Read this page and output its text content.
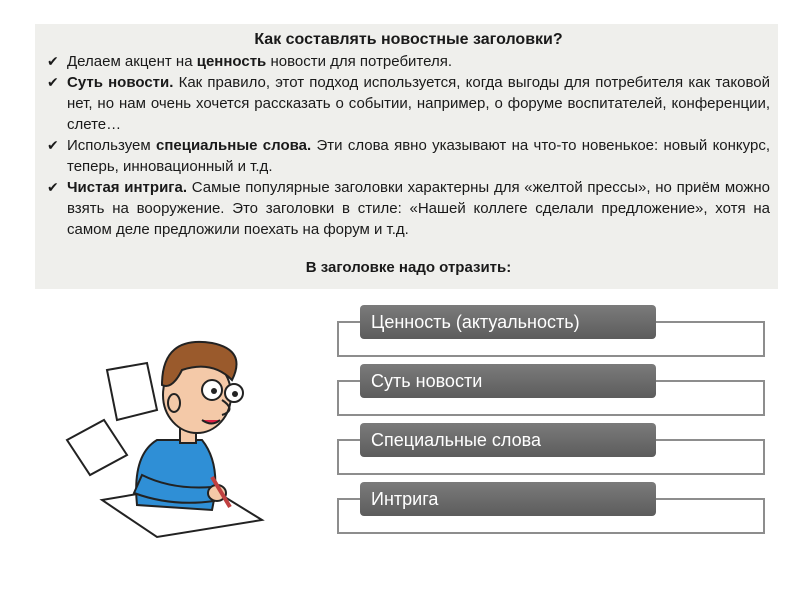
Как составлять новостные заголовки?
✔ Делаем акцент на ценность новости для потребителя.
✔ Суть новости. Как правило, этот подход используется, когда выгоды для потребителя как таковой нет, но нам очень хочется рассказать о событии, например, о форуме воспитателей, конференции, слете…
✔ Используем специальные слова. Эти слова явно указывают на что-то новенькое: новый конкурс, теперь, инновационный и т.д.
✔ Чистая интрига. Самые популярные заголовки характерны для «желтой прессы», но приём можно взять на вооружение. Это заголовки в стиле: «Нашей коллеге сделали предложение», хотя на самом деле предложили поехать на форум и т.д.
В заголовке надо отразить:
Ценность (актуальность)
Суть новости
Специальные слова
Интрига
